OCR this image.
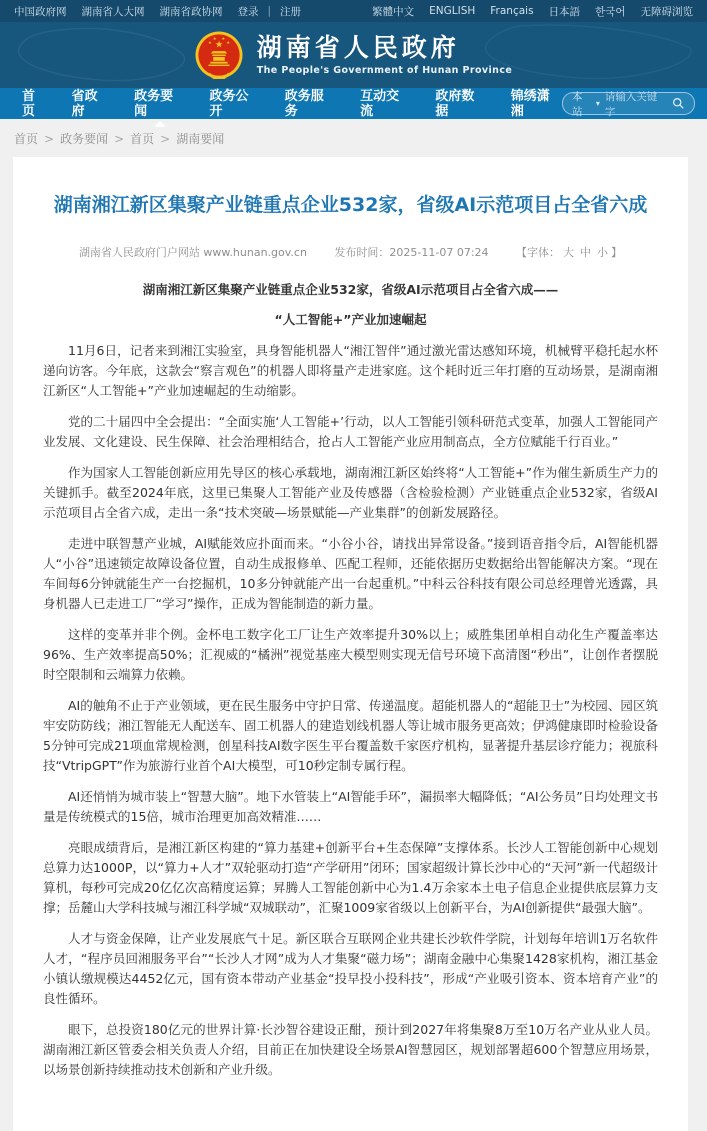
中国政府网 湖南省人大网 湖南省政协网 登录 | 注册	繁體中文 ENGLISH Français 日本語 한국어 无障碍浏览
★
★
★ ★
★ 湖南省人民政府
The People's Government of Hunan Province
首页
省政府
政务要闻
政务公开
政务服务
互动交流
政府数据
锦绣潇湘
本站
▾
请输入关键字
首页 > 政务要闻 > 首页 > 湖南要闻
湖南湘江新区集聚产业链重点企业532家，省级AI示范项目占全省六成
湖南省人民政府门户网站 www.hunan.gov.cn	发布时间：2025-11-07 07:24	【字体： 大 中 小 】

湖南湘江新区集聚产业链重点企业532家，省级AI示范项目占全省六成——

“人工智能+”产业加速崛起

11月6日，记者来到湘江实验室，具身智能机器人“湘江智伴”通过激光雷达感知环境，机械臂平稳托起水杯递向访客。今年底，这款会“察言观色”的机器人即将量产走进家庭。这个耗时近三年打磨的互动场景，是湖南湘江新区“人工智能+”产业加速崛起的生动缩影。

党的二十届四中全会提出：“全面实施‘人工智能+’行动，以人工智能引领科研范式变革，加强人工智能同产业发展、文化建设、民生保障、社会治理相结合，抢占人工智能产业应用制高点，全方位赋能千行百业。”

作为国家人工智能创新应用先导区的核心承载地，湖南湘江新区始终将“人工智能+”作为催生新质生产力的关键抓手。截至2024年底，这里已集聚人工智能产业及传感器（含检验检测）产业链重点企业532家，省级AI示范项目占全省六成，走出一条“技术突破—场景赋能—产业集群”的创新发展路径。

走进中联智慧产业城，AI赋能效应扑面而来。“小谷小谷，请找出异常设备。”接到语音指令后，AI智能机器人“小谷”迅速锁定故障设备位置，自动生成报修单、匹配工程师，还能依据历史数据给出智能解决方案。“现在车间每6分钟就能生产一台挖掘机，10多分钟就能产出一台起重机。”中科云谷科技有限公司总经理曾光透露，具身机器人已走进工厂“学习”操作，正成为智能制造的新力量。

这样的变革并非个例。金杯电工数字化工厂让生产效率提升30%以上；威胜集团单相自动化生产覆盖率达96%、生产效率提高50%；汇视威的“橘洲”视觉基座大模型则实现无信号环境下高清图“秒出”，让创作者摆脱时空限制和云端算力依赖。

AI的触角不止于产业领域，更在民生服务中守护日常、传递温度。超能机器人的“超能卫士”为校园、园区筑牢安防防线；湘江智能无人配送车、固工机器人的建造划线机器人等让城市服务更高效；伊鸿健康即时检验设备5分钟可完成21项血常规检测，创星科技AI数字医生平台覆盖数千家医疗机构，显著提升基层诊疗能力；视旅科技“VtripGPT”作为旅游行业首个AI大模型，可10秒定制专属行程。

AI还悄悄为城市装上“智慧大脑”。地下水管装上“AI智能手环”，漏损率大幅降低；“AI公务员”日均处理文书量是传统模式的15倍，城市治理更加高效精准……

亮眼成绩背后，是湘江新区构建的“算力基建+创新平台+生态保障”支撑体系。长沙人工智能创新中心规划总算力达1000P，以“算力+人才”双轮驱动打造“产学研用”闭环；国家超级计算长沙中心的“天河”新一代超级计算机，每秒可完成20亿亿次高精度运算；昇腾人工智能创新中心为1.4万余家本土电子信息企业提供底层算力支撑；岳麓山大学科技城与湘江科学城“双城联动”，汇聚1009家省级以上创新平台，为AI创新提供“最强大脑”。

人才与资金保障，让产业发展底气十足。新区联合互联网企业共建长沙软件学院，计划每年培训1万名软件人才，“程序员回湘服务平台”“长沙人才网”成为人才集聚“磁力场”；湖南金融中心集聚1428家机构，湘江基金小镇认缴规模达4452亿元，国有资本带动产业基金“投早投小投科技”，形成“产业吸引资本、资本培育产业”的良性循环。

眼下，总投资180亿元的世界计算·长沙智谷建设正酣，预计到2027年将集聚8万至10万名产业从业人员。湖南湘江新区管委会相关负责人介绍，目前正在加快建设全场景AI智慧园区，规划部署超600个智慧应用场景，以场景创新持续推动技术创新和产业升级。
